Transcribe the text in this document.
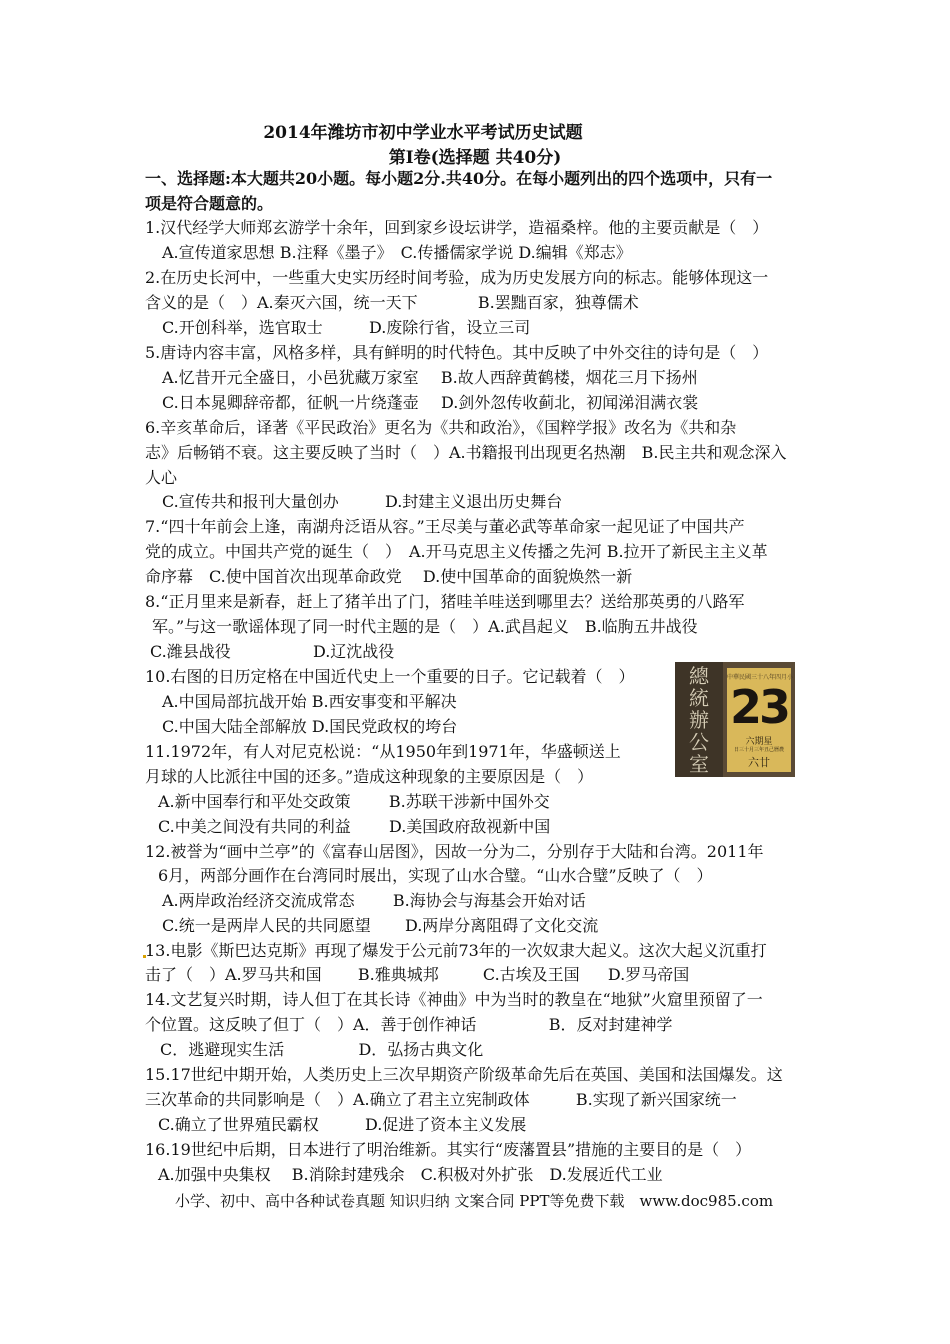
2014年潍坊市初中学业水平考试历史试题
第I卷(选择题 共40分)
一、选择题:本大题共20小题。每小题2分.共40分。在每小题列出的四个选项中，只有一
项是符合题意的。
1.汉代经学大师郑玄游学十余年，回到家乡设坛讲学，造福桑梓。他的主要贡献是（　）
A.宣传道家思想 B.注释《墨子》　C.传播儒家学说 D.编辑《郑志》
2.在历史长河中，一些重大史实历经时间考验，成为历史发展方向的标志。能够体现这一
含义的是（　）A.秦灭六国，统一天下	B.罢黜百家，独尊儒术
C.开创科举，选官取士	D.废除行省，设立三司
5.唐诗内容丰富，风格多样，具有鲜明的时代特色。其中反映了中外交往的诗句是（　）
A.忆昔开元全盛日，小邑犹藏万家室 B.故人西辞黄鹤楼，烟花三月下扬州
C.日本晁卿辞帝都，征帆一片绕蓬壶 D.剑外忽传收蓟北，初闻涕泪满衣裳
6.辛亥革命后，译著《平民政治》更名为《共和政治》，《国粹学报》改名为《共和杂
志》后畅销不衰。这主要反映了当时（　）A.书籍报刊出现更名热潮　B.民主共和观念深入
人心
C.宣传共和报刊大量创办	D.封建主义退出历史舞台
7.“四十年前会上逢，南湖舟泛语从容。”王尽美与董必武等革命家一起见证了中国共产
党的成立。中国共产党的诞生（　）　A.开马克思主义传播之先河 B.拉开了新民主主义革
命序幕　C.使中国首次出现革命政党　 D.使中国革命的面貌焕然一新
8.“正月里来是新春，赶上了猪羊出了门，猪哇羊哇送到哪里去？送给那英勇的八路军
军。”与这一歌谣体现了同一时代主题的是（　）A.武昌起义　B.临朐五井战役
C.潍县战役	D.辽沈战役
10.右图的日历定格在中国近代史上一个重要的日子。它记载着（　）
A.中国局部抗战开始 B.西安事变和平解决
C.中国大陆全部解放 D.国民党政权的垮台
總
統
辦
公
室
中華民國三十八年四月小
23
六期星
日三十月三年丑己曆農
六廿
11.1972年，有人对尼克松说：“从1950年到1971年，华盛顿送上
月球的人比派往中国的还多。”造成这种现象的主要原因是（　）
A.新中国奉行和平处交政策 B.苏联干涉新中国外交
C.中美之间没有共同的利益 D.美国政府敌视新中国
12.被誉为“画中兰亭”的《富春山居图》，因故一分为二，分别存于大陆和台湾。2011年
6月，两部分画作在台湾同时展出，实现了山水合璧。“山水合璧”反映了（　）
A.两岸政治经济交流成常态 B.海协会与海基会开始对话
C.统一是两岸人民的共同愿望 D.两岸分离阻碍了文化交流
13.电影《斯巴达克斯》再现了爆发于公元前73年的一次奴隶大起义。这次大起义沉重打
击了（　）A.罗马共和国 B.雅典城邦	C.古埃及王国 D.罗马帝国
14.文艺复兴时期，诗人但丁在其长诗《神曲》中为当时的教皇在“地狱”火窟里预留了一
个位置。这反映了但丁（　）A．善于创作神话	B．反对封建神学
C．逃避现实生活	D．弘扬古典文化
15.17世纪中期开始，人类历史上三次早期资产阶级革命先后在英国、美国和法国爆发。这
三次革命的共同影响是（　）A.确立了君主立宪制政体	B.实现了新兴国家统一
C.确立了世界殖民霸权	D.促进了资本主义发展
16.19世纪中后期，日本进行了明治维新。其实行“废藩置县”措施的主要目的是（　）
A.加强中央集权　 B.消除封建残余　C.积极对外扩张　D.发展近代工业
小学、初中、高中各种试卷真题 知识归纳 文案合同 PPT等免费下载　www.doc985.com
